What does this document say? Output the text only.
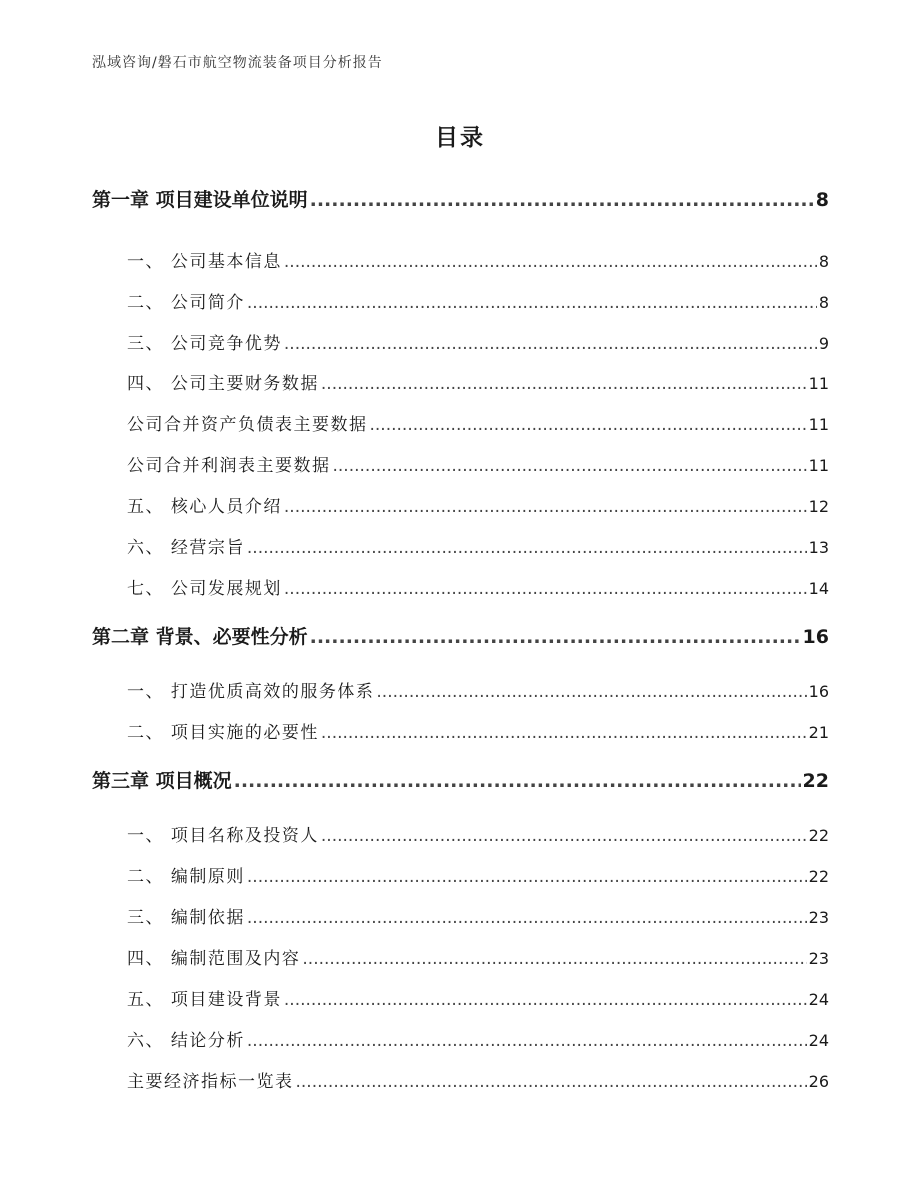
泓域咨询/磐石市航空物流装备项目分析报告
目录
第一章 项目建设单位说明 .....	8
一、 公司基本信息 .....	8
二、 公司简介 .....	8
三、 公司竞争优势 .....	9
四、 公司主要财务数据 .....	11
公司合并资产负债表主要数据 .....	11
公司合并利润表主要数据 .....	11
五、 核心人员介绍 .....	12
六、 经营宗旨 .....	13
七、 公司发展规划 .....	14
第二章 背景、必要性分析 .....	16
一、 打造优质高效的服务体系 .....	16
二、 项目实施的必要性 .....	21
第三章 项目概况 .....	22
一、 项目名称及投资人 .....	22
二、 编制原则 .....	22
三、 编制依据 .....	23
四、 编制范围及内容 .....	23
五、 项目建设背景 .....	24
六、 结论分析 .....	24
主要经济指标一览表 .....	26
